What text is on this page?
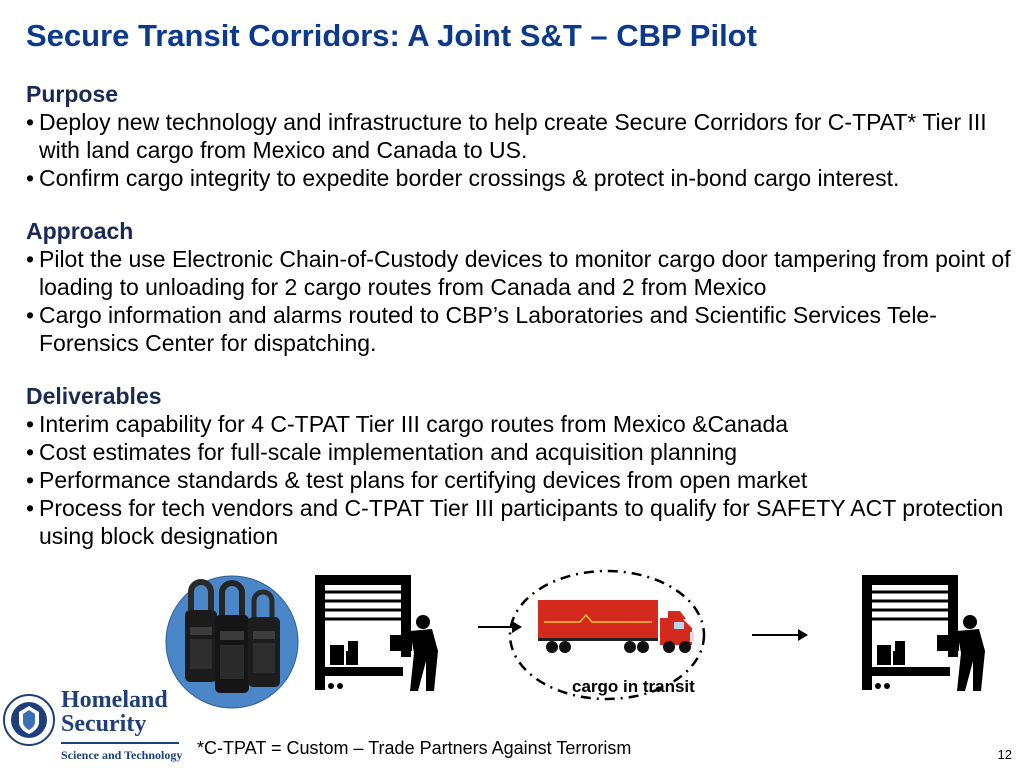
Secure Transit Corridors: A Joint S&T – CBP Pilot
Purpose
• Deploy new technology and infrastructure to help create Secure Corridors for C-TPAT* Tier III with land cargo from Mexico and Canada to US.
• Confirm cargo integrity to expedite border crossings & protect in-bond cargo interest.
Approach
• Pilot the use Electronic Chain-of-Custody devices to monitor cargo door tampering from point of loading to unloading for 2 cargo routes from Canada and 2 from Mexico
• Cargo information and alarms routed to CBP’s Laboratories and Scientific Services Tele-Forensics Center for dispatching.
Deliverables
• Interim capability for 4 C-TPAT Tier III cargo routes from Mexico &Canada
• Cost estimates for full-scale implementation and acquisition planning
• Performance standards & test plans for certifying devices from open market
• Process for tech vendors and C-TPAT Tier III participants to qualify for SAFETY ACT protection using block designation
cargo in transit
Homeland
Security
Science and Technology *C-TPAT = Custom – Trade Partners Against Terrorism	12
